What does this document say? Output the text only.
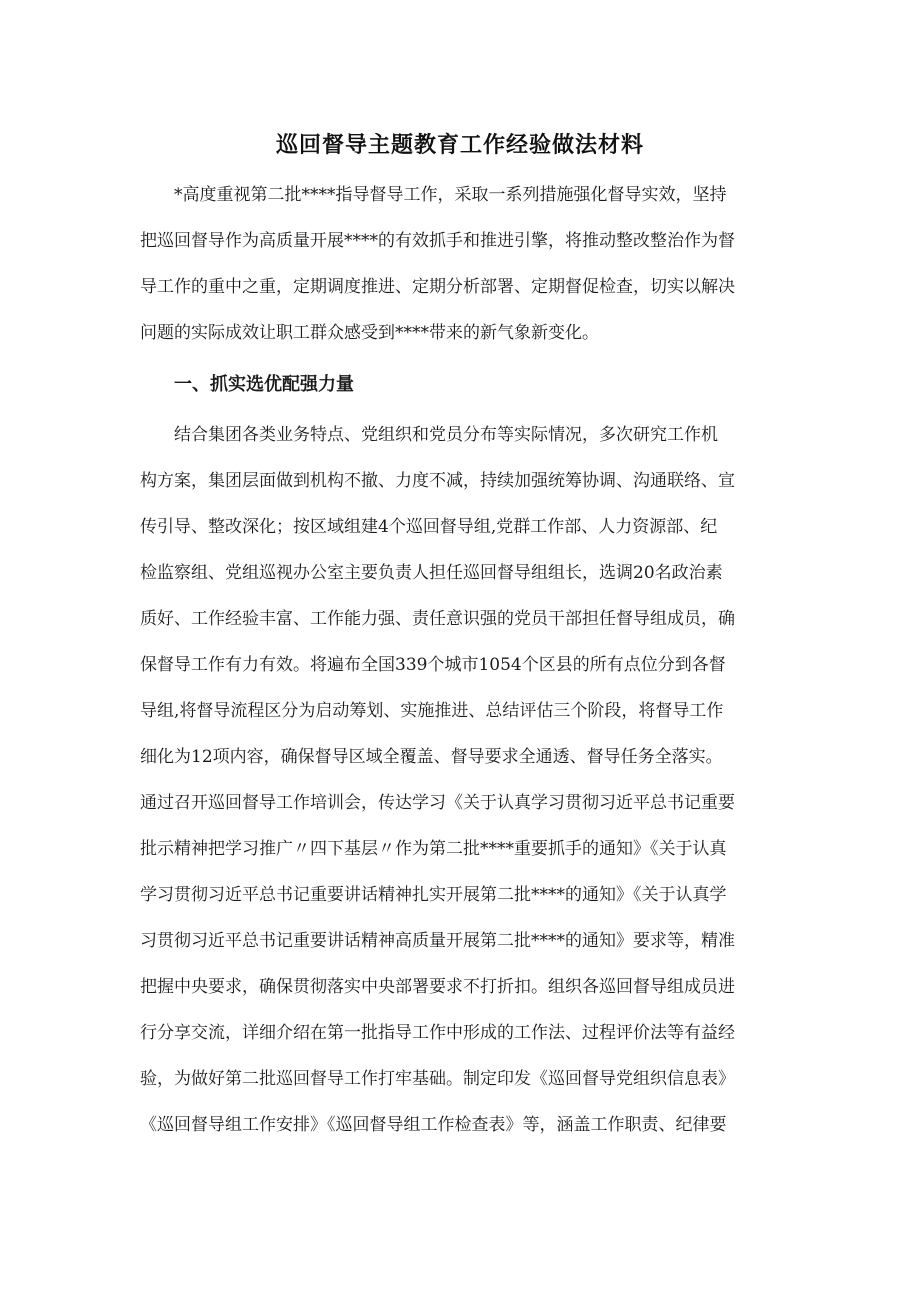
巡回督导主题教育工作经验做法材料
*高度重视第二批****指导督导工作，采取一系列措施强化督导实效，坚持
把巡回督导作为高质量开展****的有效抓手和推进引擎，将推动整改整治作为督
导工作的重中之重，定期调度推进、定期分析部署、定期督促检查，切实以解决
问题的实际成效让职工群众感受到****带来的新气象新变化。
一、抓实选优配强力量
结合集团各类业务特点、党组织和党员分布等实际情况，多次研究工作机
构方案，集团层面做到机构不撤、力度不减，持续加强统筹协调、沟通联络、宣
传引导、整改深化；按区域组建4个巡回督导组,党群工作部、人力资源部、纪
检监察组、党组巡视办公室主要负责人担任巡回督导组组长，选调20名政治素
质好、工作经验丰富、工作能力强、责任意识强的党员干部担任督导组成员，确
保督导工作有力有效。将遍布全国339个城市1054个区县的所有点位分到各督
导组,将督导流程区分为启动筹划、实施推进、总结评估三个阶段，将督导工作
细化为12项内容，确保督导区域全覆盖、督导要求全通透、督导任务全落实。
通过召开巡回督导工作培训会，传达学习《关于认真学习贯彻习近平总书记重要
批示精神把学习推广〃四下基层〃作为第二批****重要抓手的通知》《关于认真
学习贯彻习近平总书记重要讲话精神扎实开展第二批****的通知》《关于认真学
习贯彻习近平总书记重要讲话精神高质量开展第二批****的通知》要求等，精准
把握中央要求，确保贯彻落实中央部署要求不打折扣。组织各巡回督导组成员进
行分享交流，详细介绍在第一批指导工作中形成的工作法、过程评价法等有益经
验，为做好第二批巡回督导工作打牢基础。制定印发《巡回督导党组织信息表》
《巡回督导组工作安排》《巡回督导组工作检查表》等，涵盖工作职责、纪律要
